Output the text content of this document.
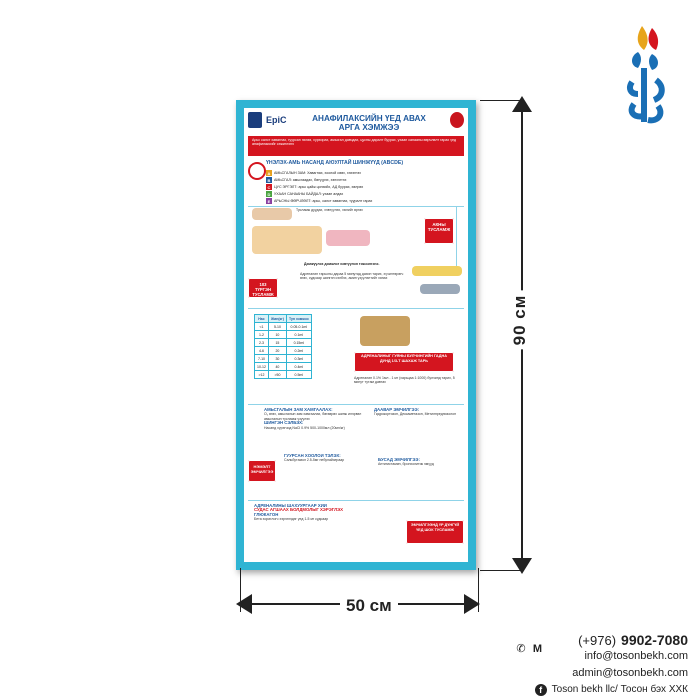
EpiC	АНАФИЛАКСИЙН ҮЕД АВАХ
АРГА ХЭМЖЭЭ
Арьс салст хавагнах, гуурсан гөлөө, хурхирах, амьсгал давчдах, цусны даралт буурах, ухаан санааны өөрчлөлт гарах үед анафилаксийг сэжиглэнэ
ҮНЭЛЭХ-АМЬ НАСАНД АЮУЛТАЙ ШИНЖҮҮД (ABCDE)
A АМЬСГАЛЫН ЗАМ: Хавагнах, хоолой сөөх, хэхэгнэх
B АМЬСГАЛ: амьсгаадах, бөгүүрэх, хэнхэгтэх
C ЦУС ЭРГЭЛТ: арьс цайж цонхийх, АД буурах, хөлрөх
D УХААН САНААНЫ БАЙДАЛ: ухаан алдах
E	АРЬСНЫ ӨӨРЧЛӨЛТ: арьс, салст хавагнах, тууралт гарах
Тусламж дуудах, хэвтүүлэх, хөлийг өргөх
АКНЫ ТУСЛАМЖ
Дэмжүүлэх дэмжлэг хэвтүүлэн тэжээлгэнэ.
Адреналин тарьсны дараа 5 минутад дахин тарих, хүчилтөрөгч өгөх, судсаар шингэн сэлбэх, амин үзүүлэлтийг хянах
103
ТҮРГЭН ТУСЛАМЖ
Нас	Жин(кг)	Тун хэмжээ
<1	5-10	0.05-0.1ml
1-2	10	0.1ml
2-3	15	0.15ml
4-6	20	0.2ml
7-10	30	0.3ml
10-12	40	0.4ml
>12	>50	0.5ml
АДРЕНАЛИНЫГ ГУЯНЫ БУЛЧИНГИЙН ГАДНА ДУНД 1/3-Т ШАХАЖ ТАРЬ
Адреналин 0.1% 1мл - 1 мг (харьцаа 1:1000) булчинд тарих, 5 минут тутам давтах
АМЬСГАЛЫН ЗАМ ХАМГААЛАХ:
О₂ өгөх, амьсгалын зам хамгаалах, бөгөөрөх шинж илэрвэл амьсгалын тусламж үзүүлэх
ШИНГЭН СЭЛБЭХ:
Насанд хүрэгчид NaCl 0.9% 500-1000мл (20мл/кг)
ДААВАР ЭМЧИЛГЭЭ:
Гидрокортизон, Дексаметазон, Метилпреднизолон
НЭМЭЛТ ЭМЧИЛГЭЭ
ГУУРСАН ХООЛОЙ ТЭЛЭХ:
Сальбутамол 2.5-5мг небулайзераар	БУСАД ЭМЧИЛГЭЭ:
Антигистамин, бронхолитик эмүүд
АДРЕНАЛИНЫ ШАХУУРГААР ХИЙ
СУДАС АГШААХ БОЛДМОЛЫГ ХЭРЭГЛЭХ
ГЛЮКАГОН
Бета хориглогч хэрэглэдэг үед 1-5 мг судсаар
ЭМЧИЛГЭЭНД ҮР ДҮНГҮЙ ҮЕД ШОК ТУСЛАМЖ
90 см
50 см
✆ M
(+976) 9902-7080
info@tosonbekh.com
admin@tosonbekh.com
f Toson bekh llc/ Тосон бэх ХХК
